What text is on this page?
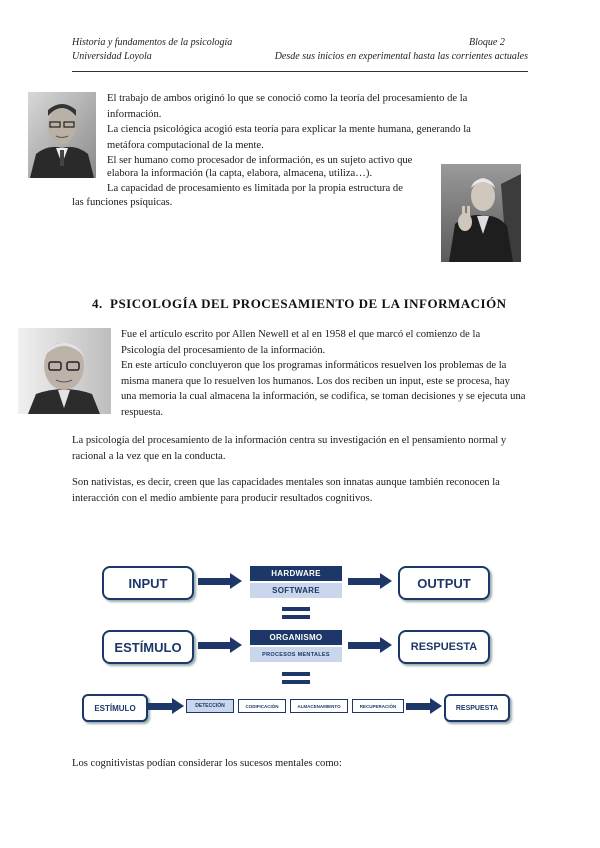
Historia y fundamentos de la psicología
Universidad Loyola
Bloque 2
Desde sus inicios en experimental hasta las corrientes actuales
El trabajo de ambos originó lo que se conoció como la teoría del procesamiento de la información.
La ciencia psicológica acogió esta teoría para explicar la mente humana, generando la metáfora computacional de la mente.
El ser humano como procesador de información, es un sujeto activo que
elabora la información (la capta, elabora, almacena, utiliza…).
La capacidad de procesamiento es limitada por la propia estructura de
las funciones psíquicas.
4. PSICOLOGÍA DEL PROCESAMIENTO DE LA INFORMACIÓN
Fue el artículo escrito por Allen Newell et al en 1958 el que marcó el comienzo de la Psicología del procesamiento de la información.
En este artículo concluyeron que los programas informáticos resuelven los problemas de la misma manera que lo resuelven los humanos. Los dos reciben un input, este se procesa, hay una memoria la cual almacena la información, se codifica, se toman decisiones y se ejecuta una respuesta.
La psicología del procesamiento de la información centra su investigación en el pensamiento normal y racional a la vez que en la conducta.
Son nativistas, es decir, creen que las capacidades mentales son innatas aunque también reconocen la interacción con el medio ambiente para producir resultados cognitivos.
INPUT
HARDWARE
SOFTWARE	OUTPUT
ESTÍMULO
ORGANISMO
PROCESOS MENTALES
RESPUESTA
ESTÍMULO	DETECCIÓN	CODIFICACIÓN	ALMACENAMIENTO	RECUPERACIÓN	RESPUESTA
Los cognitivistas podían considerar los sucesos mentales como:
